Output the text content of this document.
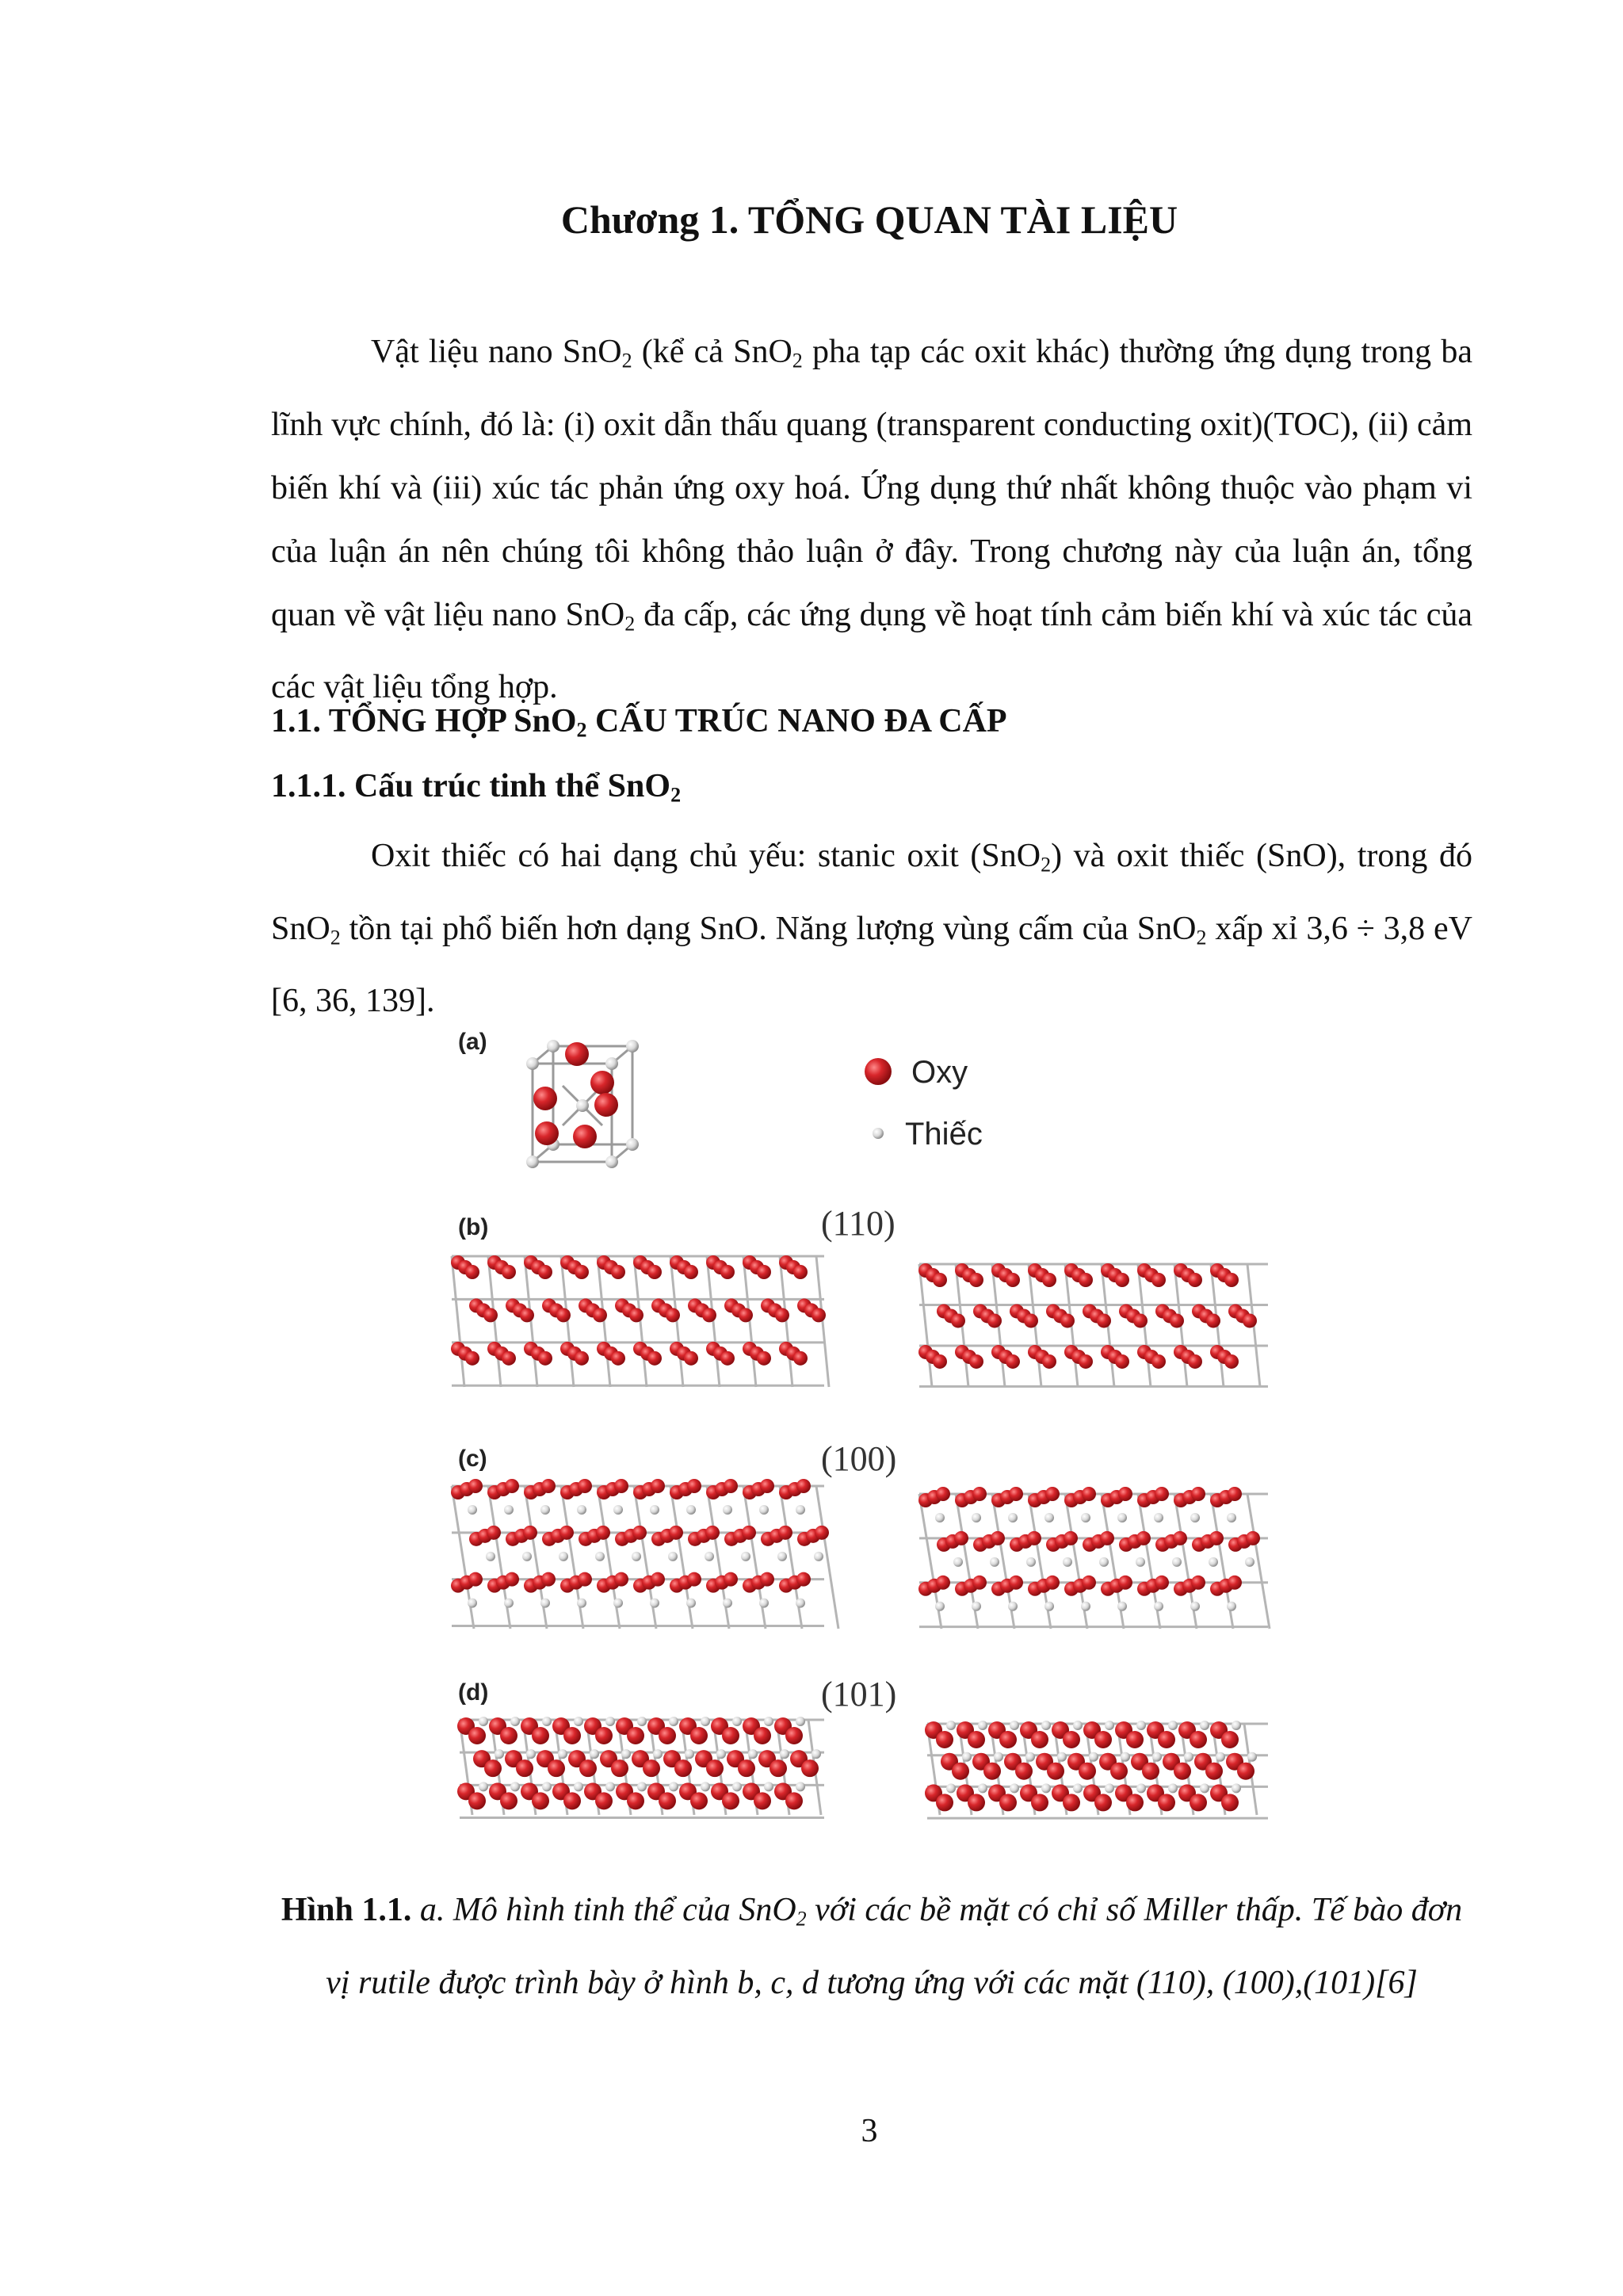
Chương 1. TỔNG QUAN TÀI LIỆU

Vật liệu nano SnO$_2$ (kể cả SnO$_2$ pha tạp các oxit khác) thường ứng dụng trong ba lĩnh vực chính, đó là: (i) oxit dẫn thấu quang (transparent conducting oxit)(TOC), (ii) cảm biến khí và (iii) xúc tác phản ứng oxy hoá. Ứng dụng thứ nhất không thuộc vào phạm vi của luận án nên chúng tôi không thảo luận ở đây. Trong chương này của luận án, tổng quan về vật liệu nano SnO$_2$ đa cấp, các ứng dụng về hoạt tính cảm biến khí và xúc tác của các vật liệu tổng hợp.

1.1. TỔNG HỢP SnO$_2$ CẤU TRÚC NANO ĐA CẤP
1.1.1. Cấu trúc tinh thể SnO$_2$

Oxit thiếc có hai dạng chủ yếu: stanic oxit (SnO$_2$) và oxit thiếc (SnO), trong đó SnO$_2$ tồn tại phổ biến hơn dạng SnO. Năng lượng vùng cấm của SnO$_2$ xấp xỉ 3,6 ÷ 3,8 eV [6, 36, 139].

(a)
Oxy
Thiếc
(b)	(110)
(c)	(100)
(d)	(101)

Hình 1.1. a. Mô hình tinh thể của SnO$_2$ với các bề mặt có chỉ số Miller thấp. Tế bào đơn vị rutile được trình bày ở hình b, c, d tương ứng với các mặt (110), (100),(101)[6]

3
